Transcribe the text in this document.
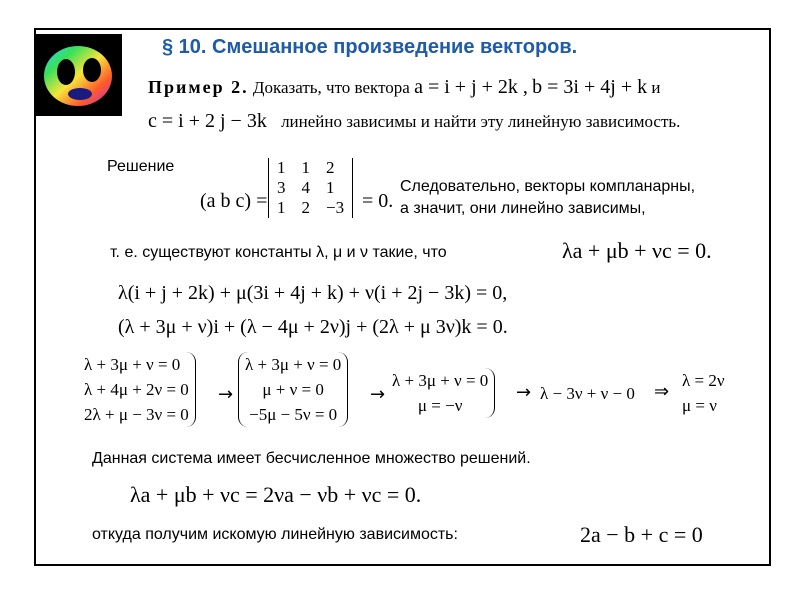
§ 10. Смешанное произведение векторов.
Пример 2. Доказать, что вектора a = i + j + 2k , b = 3i + 4j + k и
c = i + 2 j − 3k линейно зависимы и найти эту линейную зависимость.
Решение
(a b c) =
1	1	2
3	4	1
1	2	−3 = 0.
Следовательно, векторы компланарны,
а значит, они линейно зависимы,
т. е. существуют константы λ, μ и ν такие, что	λa + μb + νc = 0.
λ(i + j + 2k) + μ(3i + 4j + k) + ν(i + 2j − 3k) = 0,
(λ + 3μ + ν)i + (λ − 4μ + 2ν)j + (2λ + μ 3ν)k = 0.
λ + 3μ + ν = 0
λ + 4μ + 2ν = 0
2λ + μ − 3ν = 0
→
λ + 3μ + ν = 0
μ + ν = 0
−5μ − 5ν = 0
→
λ + 3μ + ν = 0
μ = −ν
→ λ − 3ν + ν − 0 ⇒
λ = 2ν
μ = ν
Данная система имеет бесчисленное множество решений.
λa + μb + νc = 2νa − νb + νc = 0.
откуда получим искомую линейную зависимость:	2a − b + c = 0
